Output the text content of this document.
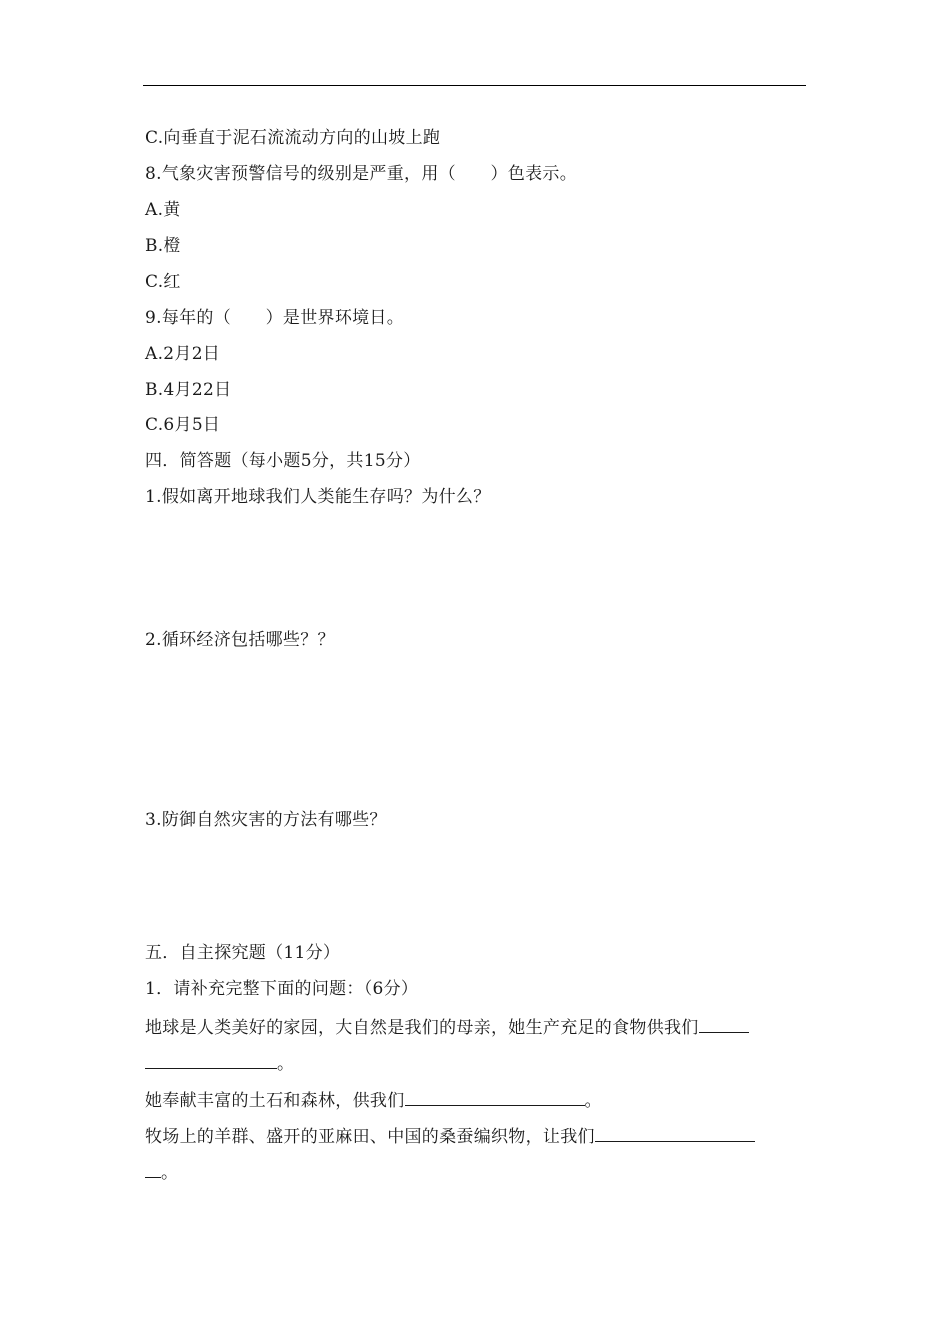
C.向垂直于泥石流流动方向的山坡上跑
8.气象灾害预警信号的级别是严重，用（　　）色表示。
A.黄
B.橙
C.红
9.每年的（　　）是世界环境日。
A.2月2日
B.4月22日
C.6月5日
四．简答题（每小题5分，共15分）
1.假如离开地球我们人类能生存吗？为什么？
2.循环经济包括哪些？？
3.防御自然灾害的方法有哪些？
五．自主探究题（11分）
1．请补充完整下面的问题：（6分）
地球是人类美好的家园，大自然是我们的母亲，她生产充足的食物供我们
。
她奉献丰富的土石和森林，供我们	。
牧场上的羊群、盛开的亚麻田、中国的桑蚕编织物，让我们
。
